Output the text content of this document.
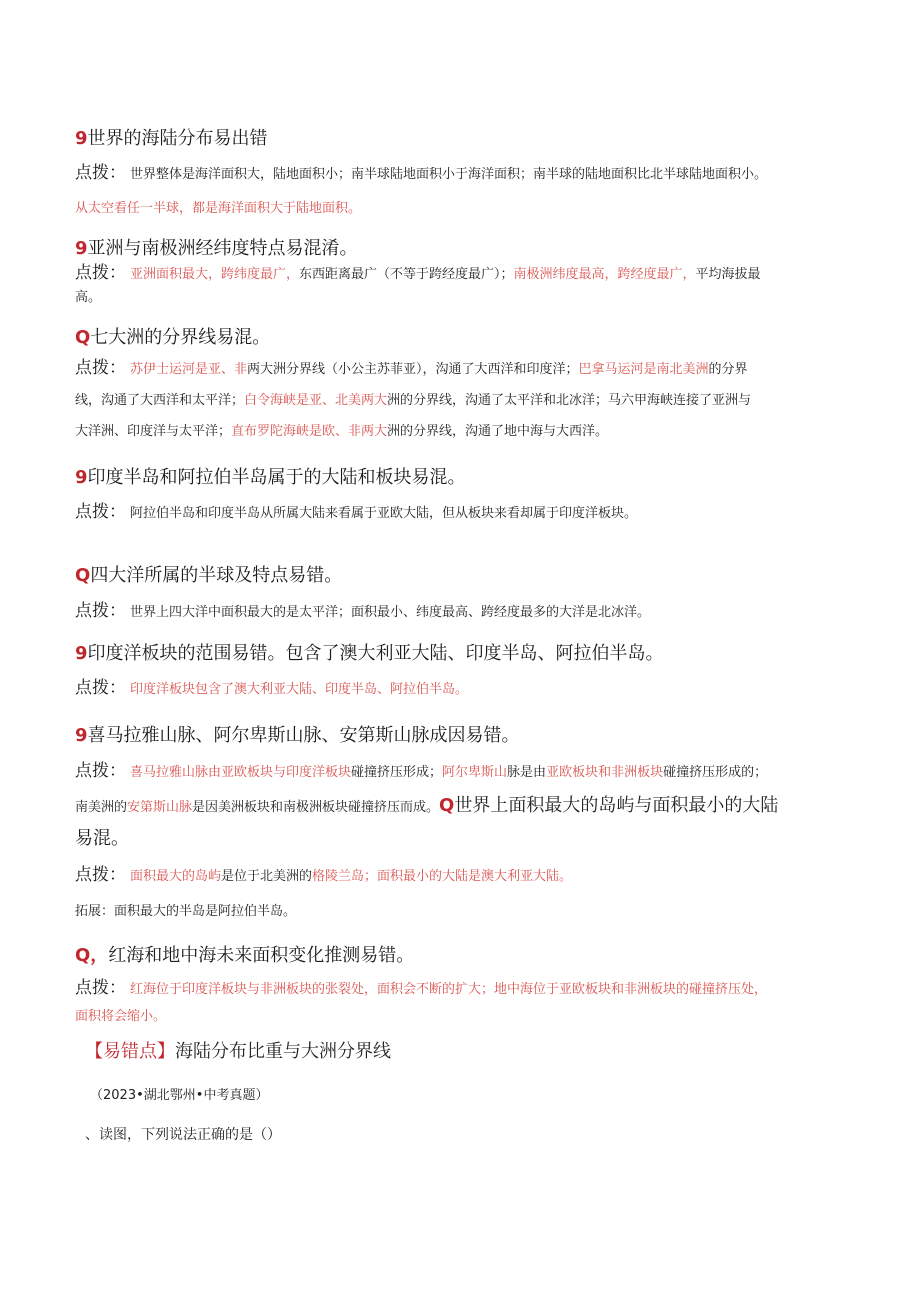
9世界的海陆分布易出错
点拨： 世界整体是海洋面积大，陆地面积小；南半球陆地面积小于海洋面积；南半球的陆地面积比北半球陆地面积小。
从太空看任一半球，都是海洋面积大于陆地面积。
9亚洲与南极洲经纬度特点易混淆。
点拨： 亚洲面积最大，跨纬度最广，东西距离最广（不等于跨经度最广）；南极洲纬度最高，跨经度最广，平均海拔最
高。
Q七大洲的分界线易混。
点拨： 苏伊士运河是亚、非两大洲分界线（小公主苏菲亚），沟通了大西洋和印度洋；巴拿马运河是南北美洲的分界
线，沟通了大西洋和太平洋；白令海峡是亚、北美两大洲的分界线，沟通了太平洋和北冰洋；马六甲海峡连接了亚洲与
大洋洲、印度洋与太平洋；直布罗陀海峡是欧、非两大洲的分界线，沟通了地中海与大西洋。
9印度半岛和阿拉伯半岛属于的大陆和板块易混。
点拨： 阿拉伯半岛和印度半岛从所属大陆来看属于亚欧大陆，但从板块来看却属于印度洋板块。
Q四大洋所属的半球及特点易错。
点拨： 世界上四大洋中面积最大的是太平洋；面积最小、纬度最高、跨经度最多的大洋是北冰洋。
9印度洋板块的范围易错。包含了澳大利亚大陆、印度半岛、阿拉伯半岛。
点拨： 印度洋板块包含了澳大利亚大陆、印度半岛、阿拉伯半岛。
9喜马拉雅山脉、阿尔卑斯山脉、安第斯山脉成因易错。
点拨： 喜马拉雅山脉由亚欧板块与印度洋板块碰撞挤压形成；阿尔卑斯山脉是由亚欧板块和非洲板块碰撞挤压形成的；
南美洲的安第斯山脉是因美洲板块和南极洲板块碰撞挤压而成。Q世界上面积最大的岛屿与面积最小的大陆
易混。
点拨： 面积最大的岛屿是位于北美洲的格陵兰岛；面积最小的大陆是澳大利亚大陆。
拓展：面积最大的半岛是阿拉伯半岛。
Q，红海和地中海未来面积变化推测易错。
点拨： 红海位于印度洋板块与非洲板块的张裂处，面积会不断的扩大；地中海位于亚欧板块和非洲板块的碰撞挤压处，
面积将会缩小。
【易错点】海陆分布比重与大洲分界线
（2023•湖北鄂州•中考真题）
、读图，下列说法正确的是（）
